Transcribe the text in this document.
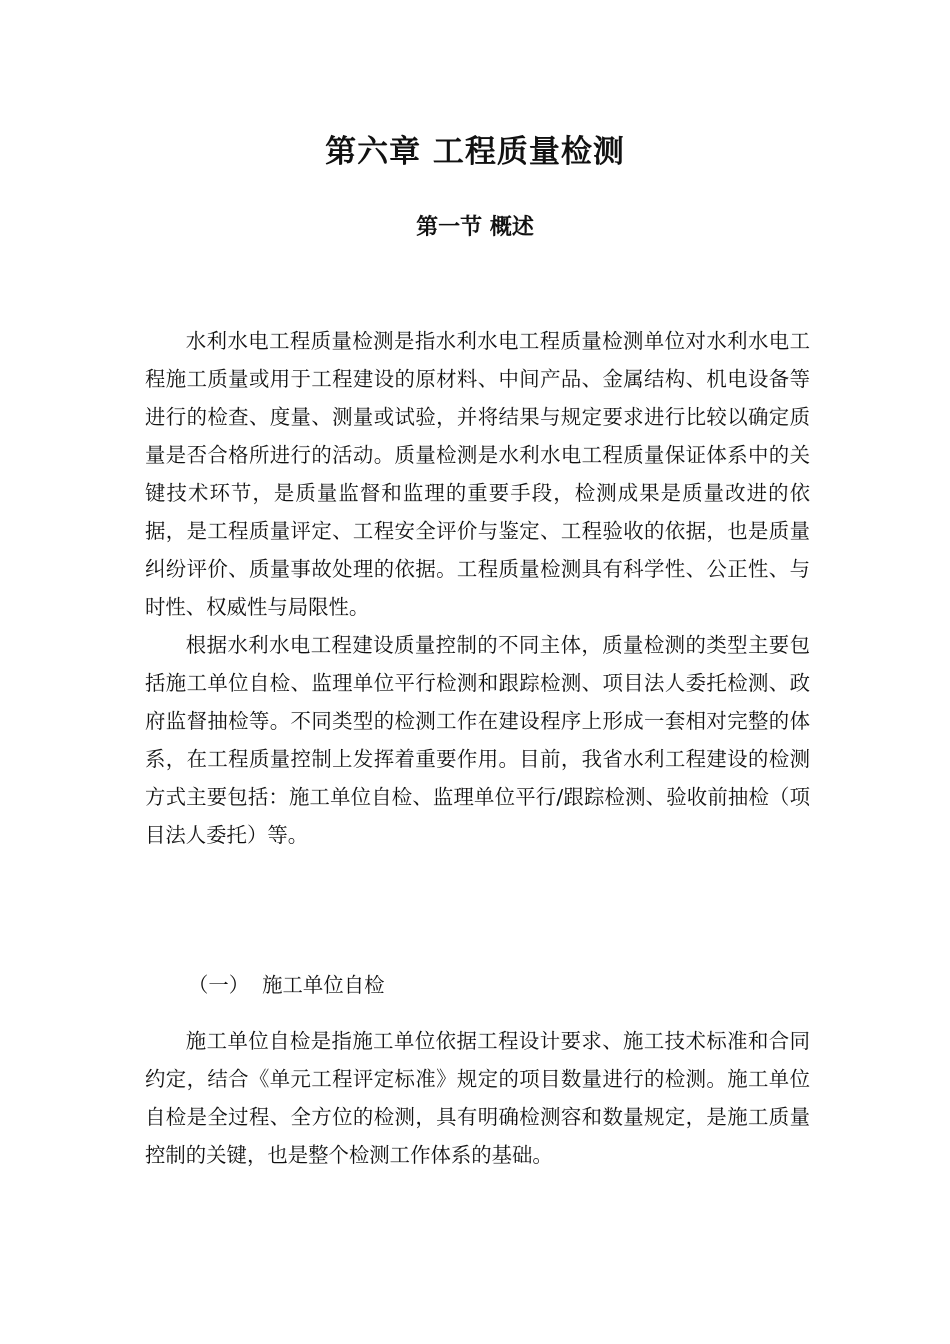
第六章 工程质量检测
第一节 概述

水利水电工程质量检测是指水利水电工程质量检测单位对水利水电工程施工质量或用于工程建设的原材料、中间产品、金属结构、机电设备等进行的检查、度量、测量或试验，并将结果与规定要求进行比较以确定质量是否合格所进行的活动。质量检测是水利水电工程质量保证体系中的关键技术环节，是质量监督和监理的重要手段，检测成果是质量改进的依据，是工程质量评定、工程安全评价与鉴定、工程验收的依据，也是质量纠纷评价、质量事故处理的依据。工程质量检测具有科学性、公正性、与时性、权威性与局限性。

根据水利水电工程建设质量控制的不同主体，质量检测的类型主要包括施工单位自检、监理单位平行检测和跟踪检测、项目法人委托检测、政府监督抽检等。不同类型的检测工作在建设程序上形成一套相对完整的体系，在工程质量控制上发挥着重要作用。目前，我省水利工程建设的检测方式主要包括：施工单位自检、监理单位平行/跟踪检测、验收前抽检（项目法人委托）等。

（一）  施工单位自检

施工单位自检是指施工单位依据工程设计要求、施工技术标准和合同约定，结合《单元工程评定标准》规定的项目数量进行的检测。施工单位自检是全过程、全方位的检测，具有明确检测容和数量规定，是施工质量控制的关键，也是整个检测工作体系的基础。
